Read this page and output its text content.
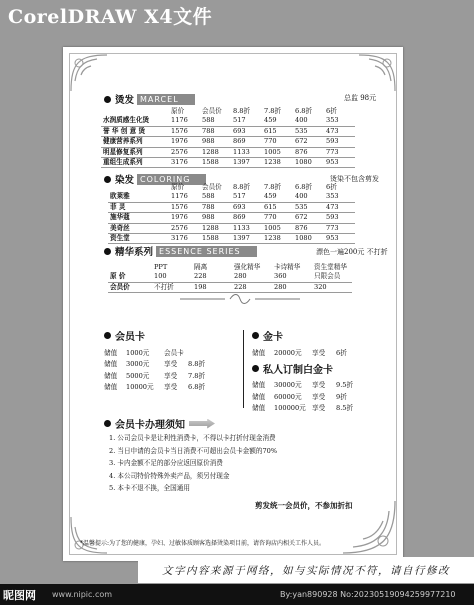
CorelDRAW X4文件
烫发 MARCEL	总监 98元
	原价	会员价	8.8折	7.8折	6.8折	6折
水润质感生化烫	1176	588	517	459	400	353
誉 华 创 意 烫	1576	788	693	615	535	473
健康营养系列	1976	988	869	770	672	593
明星修复系列	2576	1288	1133	1005	876	773
重组生成系列	3176	1588	1397	1238	1080	953
染发 COLORING	烫染不包含剪发
	原价	会员价	8.8折	7.8折	6.8折	6折
欧莱雅	1176	588	517	459	400	353
菲 灵	1576	788	693	615	535	473
施华蔻	1976	988	869	770	672	593
美奇丝	2576	1288	1133	1005	876	773
资生堂	3176	1588	1397	1238	1080	953
精华系列 ESSENCE SERIES	漂色一遍200元 不打折
	PPT	隔离	强化精华	卡诗精华	资生堂精华
原 价	100	228	280	360	只限会员
会员价	不打折	198	228	280	320
会员卡
储值	1000元	会员卡
储值	3000元	享受	8.8折
储值	5000元	享受	7.8折
储值	10000元	享受	6.8折
金卡
储值	20000元	享受	6折
私人订制白金卡
储值	30000元	享受	9.5折
储值	60000元	享受	9折
储值	100000元 享受	8.5折
会员卡办理须知
1. 公司会员卡是让利性消费卡，不得以卡打折付现金消费
2. 当日申请的会员卡当日消费不可超出会员卡金额的70%
3. 卡内金额不足的部分应返回原价消费
4. 本公司特价特殊外卖产品，须另付现金
5. 本卡不退不换，全国通用
剪发统一会员价，不参加折扣
*温馨提示:为了您的健康，孕妇、过敏体质顾客选择烫染项目前，请咨询店内相关工作人员。
文字内容来源于网络，如与实际情况不符，请自行修改
昵图网 www.nipic.com	By:yan890928 No:20230519094259977210
